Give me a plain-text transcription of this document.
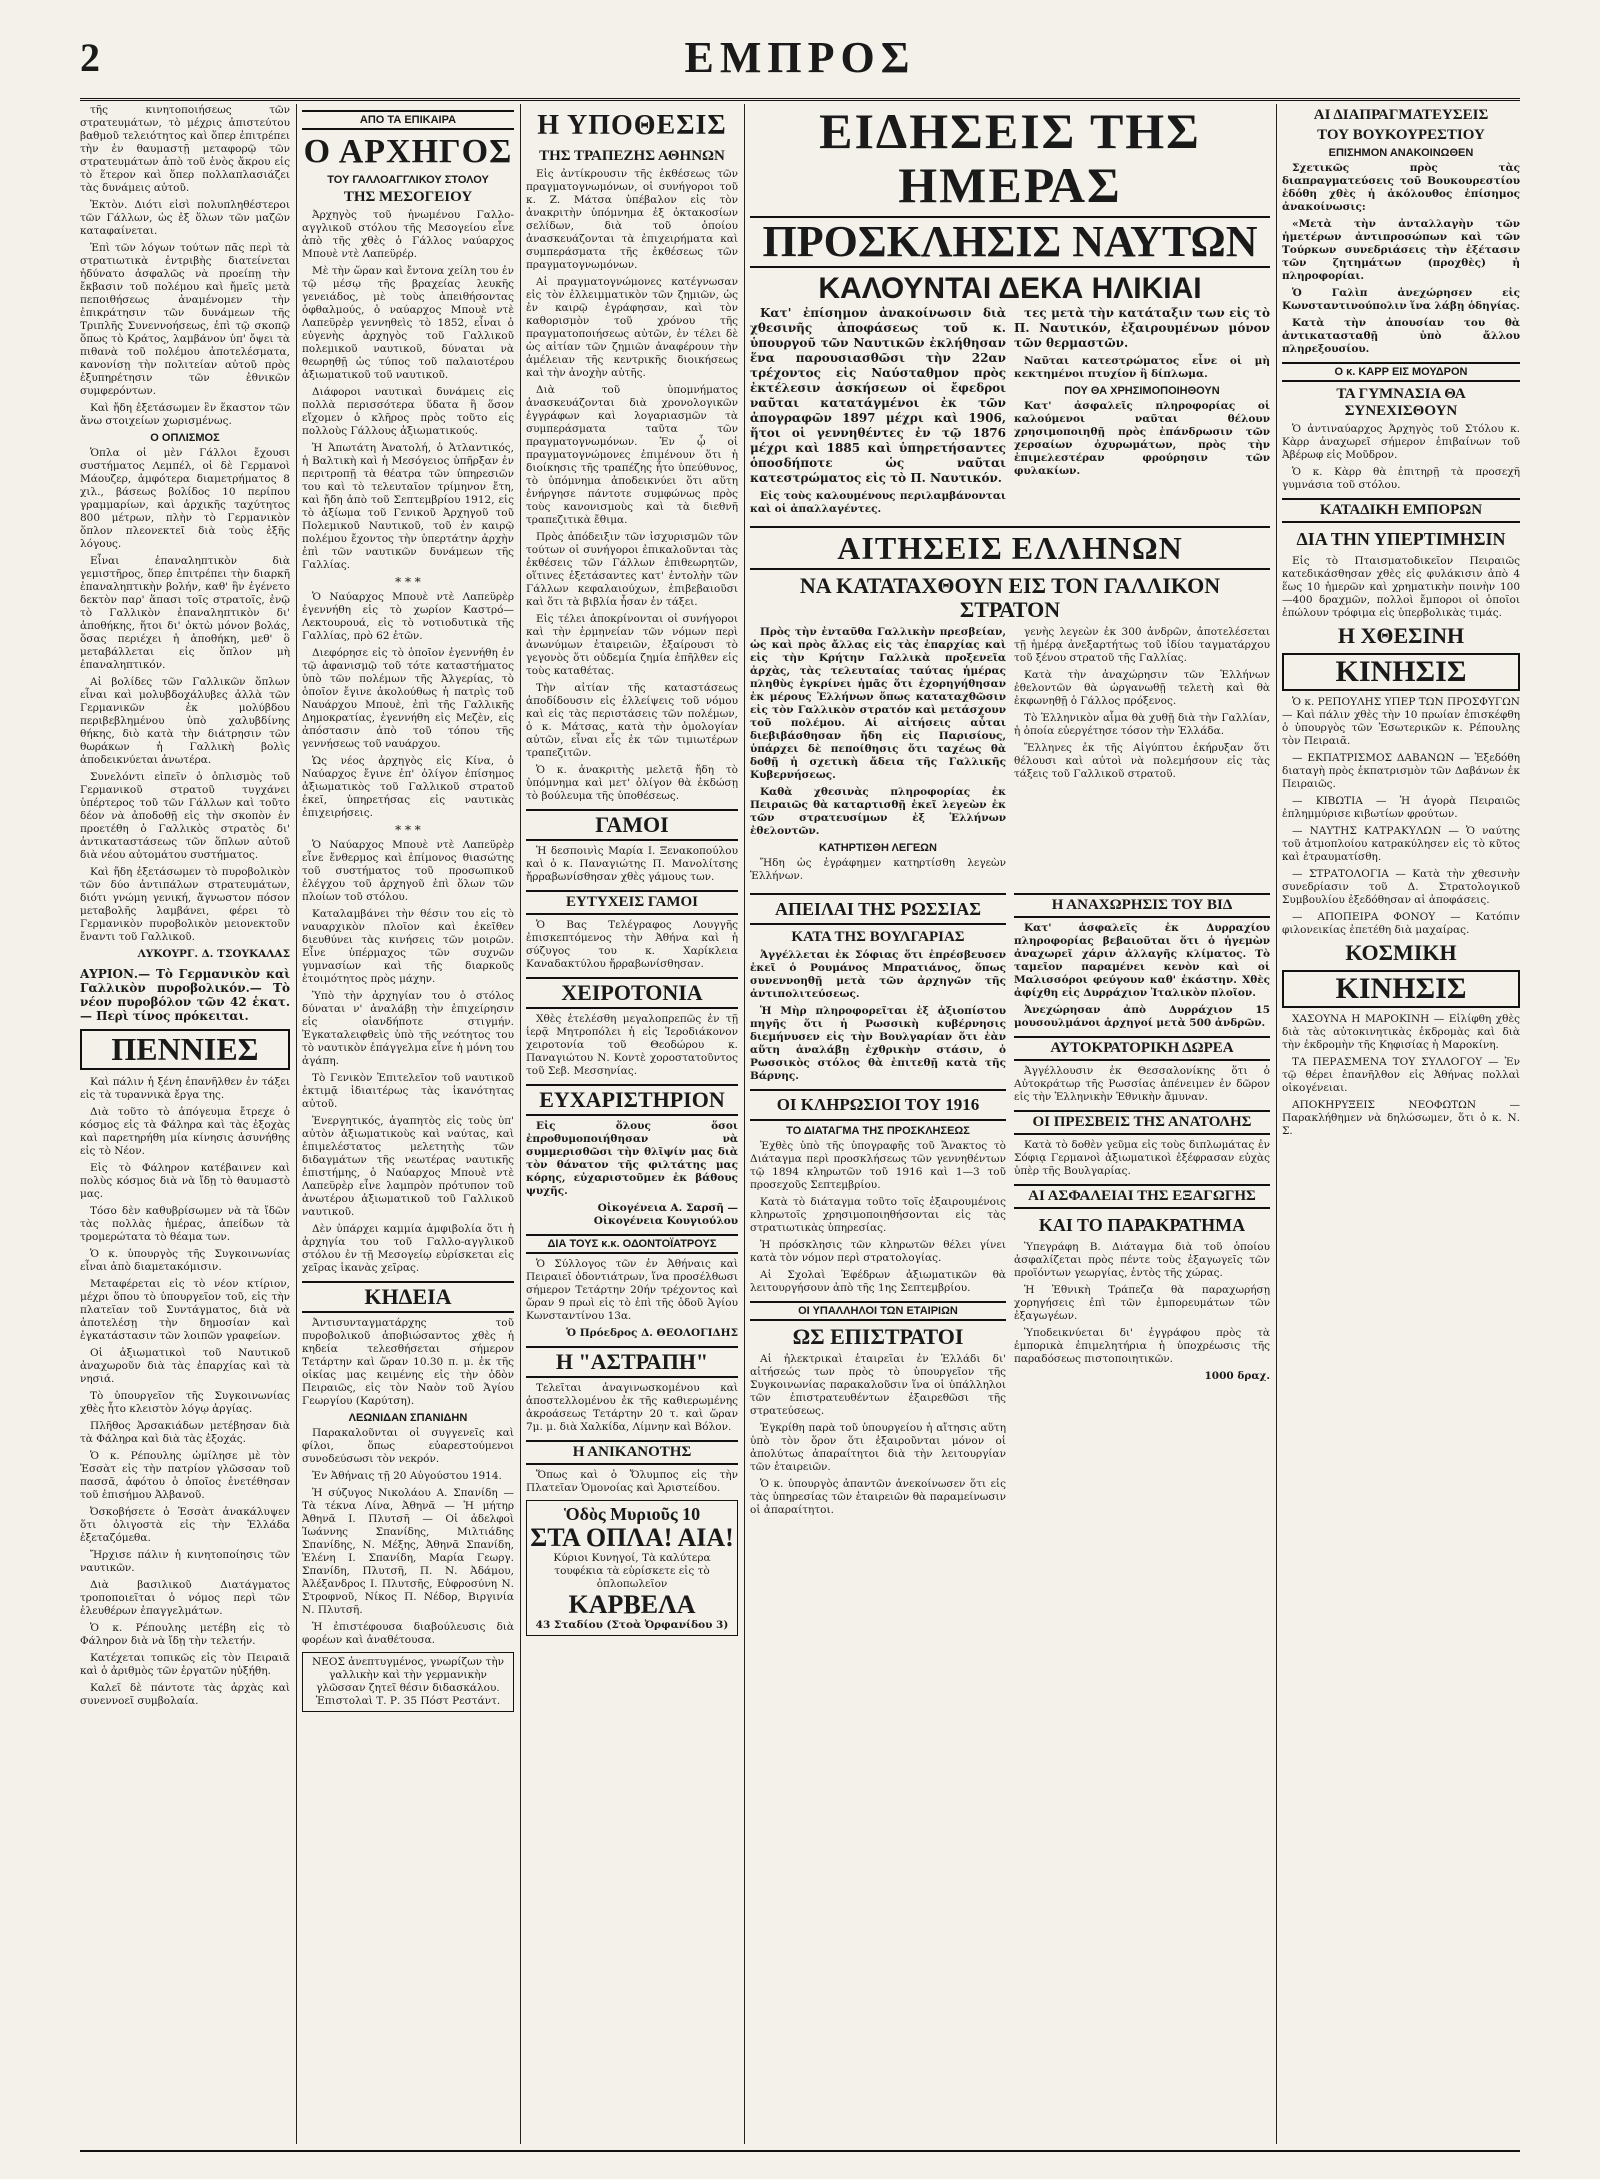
2	ΕΜΠΡΟΣ

τῆς κινητοποιήσεως τῶν στρατευμάτων, τὸ μέχρις ἀπιστεύτου βαθμοῦ τελειότητος καὶ ὅπερ ἐπιτρέπει τὴν ἐν θαυμαστῇ μεταφορῷ τῶν στρατευμάτων ἀπὸ τοῦ ἑνὸς ἄκρου εἰς τὸ ἕτερον καὶ ὅπερ πολλαπλασιάζει τὰς δυνάμεις αὐτοῦ.

Ἐκτὸν. Διότι εἰσὶ πολυπληθέστεροι τῶν Γάλλων, ὡς ἐξ ὅλων τῶν μαζῶν καταφαίνεται.

Ἐπὶ τῶν λόγων τούτων πᾶς περὶ τὰ στρατιωτικὰ ἐντριβὴς διατείνεται ἠδύνατο ἀσφαλῶς νὰ προείπῃ τὴν ἔκβασιν τοῦ πολέμου καὶ ἤμεῖς μετὰ πεποιθήσεως ἀναμένομεν τὴν ἐπικράτησιν τῶν δυνάμεων τῆς Τριπλῆς Συνεννοήσεως, ἐπὶ τῷ σκοπῷ ὅπως τὸ Κράτος, λαμβάνον ὑπ' ὄψει τὰ πιθανὰ τοῦ πολέμου ἀποτελέσματα, κανονίσῃ τὴν πολιτείαν αὐτοῦ πρὸς ἐξυπηρέτησιν τῶν ἐθνικῶν συμφερόντων.

Καὶ ἤδη ἐξετάσωμεν ἓν ἕκαστον τῶν ἄνω στοιχείων χωρισμένως.

Ο ΟΠΛΙΣΜΟΣ

Ὁπλα οἱ μὲν Γάλλοι ἔχουσι συστήματος Λεμπέλ, οἱ δὲ Γερμανοὶ Μάουζερ, ἀμφότερα διαμετρήματος 8 χιλ., βάσεως βολίδος 10 περίπου γραμμαρίων, καὶ ἀρχικῆς ταχύτητος 800 μέτρων, πλὴν τὸ Γερμανικὸν ὅπλον πλεονεκτεῖ διὰ τοὺς ἑξῆς λόγους.

Εἶναι ἐπαναληπτικὸν διὰ γεμιστῆρος, ὅπερ ἐπιτρέπει τὴν διαρκῆ ἐπαναληπτικὴν βολήν, καθ' ἣν ἐγένετο δεκτὸν παρ' ἅπασι τοῖς στρατοῖς, ἐνῷ τὸ Γαλλικὸν ἐπαναληπτικὸν δι' ἀποθήκης, ἥτοι δι' ὀκτὼ μόνον βολάς, ὅσας περιέχει ἡ ἀποθήκη, μεθ' ὃ μεταβάλλεται εἰς ὅπλον μὴ ἐπαναληπτικόν.

Αἱ βολίδες τῶν Γαλλικῶν ὅπλων εἶναι καὶ μολυβδοχάλυβες ἀλλὰ τῶν Γερμανικῶν ἐκ μολύβδου περιβεβλημένου ὑπὸ χαλυβδίνης θήκης, διὸ κατὰ τὴν διάτρησιν τῶν θωράκων ἡ Γαλλικὴ βολὶς ἀποδεικνύεται ἀνωτέρα.

Συνελόντι εἰπεῖν ὁ ὁπλισμὸς τοῦ Γερμανικοῦ στρατοῦ τυγχάνει ὑπέρτερος τοῦ τῶν Γάλλων καὶ τοῦτο δέον νὰ ἀποδοθῇ εἰς τὴν σκοπὸν ἐν προετέθη ὁ Γαλλικὸς στρατὸς δι' ἀντικαταστάσεως τῶν ὅπλων αὐτοῦ διὰ νέου αὐτομάτου συστήματος.

Καὶ ἤδη ἐξετάσωμεν τὸ πυροβολικὸν τῶν δύο ἀντιπάλων στρατευμάτων, διότι γνώμη γενική, ἄγνωστον πόσον μεταβολῆς λαμβάνει, φέρει τὸ Γερμανικὸν πυροβολικὸν μειονεκτοῦν ἔναντι τοῦ Γαλλικοῦ.

ΛΥΚΟΥΡΓ. Δ. ΤΣΟΥΚΑΛΑΣ
ΑΥΡΙΟΝ.— Τὸ Γερμανικὸν καὶ Γαλλικὸν πυροβολικόν.— Τὸ νέον πυροβόλον τῶν 42 ἑκατ.— Περὶ τίνος πρόκειται.
ΠΕΝΝΙΕΣ

Καὶ πάλιν ἡ ξένη ἐπανῆλθεν ἐν τάξει εἰς τὰ τυραννικὰ ἔργα της.

Διὰ τοῦτο τὸ ἀπόγευμα ἔτρεχε ὁ κόσμος εἰς τὰ Φάληρα καὶ τὰς ἐξοχὰς καὶ παρετηρήθη μία κίνησις ἀσυνήθης εἰς τὸ Νέον.

Εἰς τὸ Φάληρον κατέβαινεν καὶ πολὺς κόσμος διὰ νὰ ἴδῃ τὸ θαυμαστὸ μας.

Τόσο δὲν καθυβρίσωμεν νὰ τὰ ἴδῶν τὰς πολλὰς ἡμέρας, ἀπείδων τὰ τρομερώτατα τὸ θέαμα των.

Ὁ κ. ὑπουργὸς τῆς Συγκοινωνίας εἶναι ἀπὸ διαμετακόμισιν.

Μεταφέρεται εἰς τὸ νέον κτίριον, μέχρι ὅπου τὸ ὑπουργεῖον τοῦ, εἰς τὴν πλατεῖαν τοῦ Συντάγματος, διὰ νὰ ἀποτελέσῃ τὴν δημοσίαν καὶ ἐγκατάστασιν τῶν λοιπῶν γραφείων.

Οἱ ἀξιωματικοὶ τοῦ Ναυτικοῦ ἀναχωροῦν διὰ τὰς ἐπαρχίας καὶ τὰ νησιά.

Τὸ ὑπουργεῖον τῆς Συγκοινωνίας χθὲς ἦτο κλειστὸν λόγῳ ἀργίας.

Πλῆθος Ἀρσακιάδων μετέβησαν διὰ τὰ Φάληρα καὶ διὰ τὰς ἐξοχάς.

Ὁ κ. Ρέπουλης ὡμίλησε μὲ τὸν Ἐσσὰτ εἰς τὴν πατρίον γλῶσσαν τοῦ πασσᾶ, ἀφότου ὁ ὁποῖος ἐνετέθησαν τοῦ ἐπισήμου Ἀλβανοῦ.

Ὀσκοβήσετε ὁ Ἐσσὰτ ἀνακάλυψεν ὅτι ὀλιγοστὰ εἰς τὴν Ἑλλάδα ἐξεταζόμεθα.

Ἤρχισε πάλιν ἡ κινητοποίησις τῶν ναυτικῶν.

Διὰ βασιλικοῦ Διατάγματος τροποποιεῖται ὁ νόμος περὶ τῶν ἐλευθέρων ἐπαγγελμάτων.

Ὁ κ. Ρέπουλης μετέβη εἰς τὸ Φάληρον διὰ νὰ ἴδῃ τὴν τελετήν.

Κατέχεται τοπικῶς εἰς τὸν Πειραιᾶ καὶ ὁ ἀριθμὸς τῶν ἐργατῶν ηὐξήθη.

Καλεῖ δὲ πάντοτε τὰς ἀρχὰς καὶ συνεννοεῖ συμβολαία.

ΑΠΟ ΤΑ ΕΠΙΚΑΙΡΑ
Ο ΑΡΧΗΓΟΣ
ΤΟΥ ΓΑΛΛΟΑΓΓΛΙΚΟΥ ΣΤΟΛΟΥ
ΤΗΣ ΜΕΣΟΓΕΙΟΥ

Ἀρχηγὸς τοῦ ἡνωμένου Γαλλο-αγγλικοῦ στόλου τῆς Μεσογείου εἶνε ἀπὸ τῆς χθὲς ὁ Γάλλος ναύαρχος Μπουὲ ντὲ Λαπεϋρέρ.

Μὲ τὴν ὥραν καὶ ἔντονα χείλη του ἐν τῷ μέσῳ τῆς βραχείας λευκῆς γενειάδος, μὲ τοὺς ἀπειθήσοντας ὀφθαλμούς, ὁ ναύαρχος Μπουὲ ντὲ Λαπεϋρὲρ γεννηθεὶς τὸ 1852, εἶναι ὁ εὐγενὴς ἀρχηγὸς τοῦ Γαλλικοῦ πολεμικοῦ ναυτικοῦ, δύναται νὰ θεωρηθῇ ὡς τύπος τοῦ παλαιοτέρου ἀξιωματικοῦ τοῦ ναυτικοῦ.

Διάφοροι ναυτικαὶ δυνάμεις εἰς πολλὰ περισσότερα ὕδατα ἢ ὅσον εἴχομεν ὁ κλῆρος πρὸς τοῦτο εἰς πολλοὺς Γάλλους ἀξιωματικούς.

Ἡ Ἀπωτάτη Ἀνατολή, ὁ Ἀτλαντικός, ἡ Βαλτικὴ καὶ ἡ Μεσόγειος ὑπῆρξαν ἐν περιτροπῇ τὰ θέατρα τῶν ὑπηρεσιῶν του καὶ τὸ τελευταῖον τρίμηνον ἔτη, καὶ ἤδη ἀπὸ τοῦ Σεπτεμβρίου 1912, εἰς τὸ ἀξίωμα τοῦ Γενικοῦ Ἀρχηγοῦ τοῦ Πολεμικοῦ Ναυτικοῦ, τοῦ ἐν καιρῷ πολέμου ἔχοντος τὴν ὑπερτάτην ἀρχὴν ἐπὶ τῶν ναυτικῶν δυνάμεων τῆς Γαλλίας.

* * *

Ὁ Ναύαρχος Μπουὲ ντὲ Λαπεϋρὲρ ἐγεννήθη εἰς τὸ χωρίον Καστρό— Λεκτουρουά, εἰς τὸ νοτιοδυτικὰ τῆς Γαλλίας, πρὸ 62 ἐτῶν.

Διεφόρησε εἰς τὸ ὁποῖον ἐγεννήθη ἐν τῷ ἀφανισμῷ τοῦ τότε καταστήματος ὑπὸ τῶν πολέμων τῆς Ἀλγερίας, τὸ ὁποῖον ἔγινε ἀκολούθως ἡ πατρὶς τοῦ Ναυάρχου Μπουὲ, ἐπὶ τῆς Γαλλικῆς Δημοκρατίας, ἐγεννήθη εἰς Μεζὲν, εἰς ἀπόστασιν ἀπὸ τοῦ τόπου τῆς γεννήσεως τοῦ ναυάρχου.

Ὡς νέος ἀρχηγὸς εἰς Κίνα, ὁ Ναύαρχος ἔγινε ἐπ' ὀλίγον ἐπίσημος ἀξιωματικὸς τοῦ Γαλλικοῦ στρατοῦ ἐκεῖ, ὑπηρετήσας εἰς ναυτικὰς ἐπιχειρήσεις.

* * *

Ὁ Ναύαρχος Μπουὲ ντὲ Λαπεϋρὲρ εἶνε ἔνθερμος καὶ ἐπίμονος θιασώτης τοῦ συστήματος τοῦ προσωπικοῦ ἐλέγχου τοῦ ἀρχηγοῦ ἐπὶ ὅλων τῶν πλοίων τοῦ στόλου.

Καταλαμβάνει τὴν θέσιν του εἰς τὸ ναυαρχικὸν πλοῖον καὶ ἐκεῖθεν διευθύνει τὰς κινήσεις τῶν μοιρῶν. Εἶνε ὑπέρμαχος τῶν συχνῶν γυμνασίων καὶ τῆς διαρκοῦς ἑτοιμότητος πρὸς μάχην.

Ὑπὸ τὴν ἀρχηγίαν του ὁ στόλος δύναται ν' ἀναλάβῃ τὴν ἐπιχείρησιν εἰς οἱανδήποτε στιγμήν. Ἐγκαταλειφθεὶς ὑπὸ τῆς νεότητος του τὸ ναυτικὸν ἐπάγγελμα εἶνε ἡ μόνη του ἀγάπη.

Τὸ Γενικὸν Ἐπιτελεῖον τοῦ ναυτικοῦ ἐκτιμᾷ ἰδιαιτέρως τὰς ἱκανότητας αὐτοῦ.

Ἐνεργητικός, ἀγαπητὸς εἰς τοὺς ὑπ' αὐτὸν ἀξιωματικοὺς καὶ ναύτας, καὶ ἐπιμελέστατος μελετητὴς τῶν διδαγμάτων τῆς νεωτέρας ναυτικῆς ἐπιστήμης, ὁ Ναύαρχος Μπουὲ ντὲ Λαπεϋρὲρ εἶνε λαμπρὸν πρότυπον τοῦ ἀνωτέρου ἀξιωματικοῦ τοῦ Γαλλικοῦ ναυτικοῦ.

Δὲν ὑπάρχει καμμία ἀμφιβολία ὅτι ἡ ἀρχηγία του τοῦ Γαλλο-αγγλικοῦ στόλου ἐν τῇ Μεσογείῳ εὑρίσκεται εἰς χεῖρας ἱκανὰς χεῖρας.

ΚΗΔΕΙΑ

Ἀντισυνταγματάρχης τοῦ πυροβολικοῦ ἀποβιώσαντος χθὲς ἡ κηδεία τελεσθήσεται σήμερον Τετάρτην καὶ ὥραν 10.30 π. μ. ἐκ τῆς οἰκίας μας κειμένης εἰς τὴν ὁδὸν Πειραιῶς, εἰς τὸν Ναὸν τοῦ Ἁγίου Γεωργίου (Καρύτση).

ΛΕΩΝΙΔΑΝ ΣΠΑΝΙΔΗΝ

Παρακαλοῦνται οἱ συγγενεῖς καὶ φίλοι, ὅπως εὐαρεστούμενοι συνοδεύσωσι τὸν νεκρόν.

Ἐν Ἀθήναις τῇ 20 Αὐγούστου 1914.

Ἡ σύζυγος Νικολάου Α. Σπανίδη — Τὰ τέκνα Λίνα, Ἀθηνᾶ — Ἡ μήτηρ Ἀθηνᾶ Ι. Πλυτσῆ — Οἱ ἀδελφοὶ Ἰωάννης Σπανίδης, Μιλτιάδης Σπανίδης, Ν. Μέξης, Ἀθηνᾶ Σπανίδη, Ἑλένη Ι. Σπανίδη, Μαρία Γεωργ. Σπανίδη, Πλυτσῆ, Π. Ν. Ἀδάμου, Ἀλέξανδρος Ι. Πλυτσῆς, Εὐφροσύνη Ν. Στροφνοῦ, Νίκος Π. Νέδορ, Βιργινία Ν. Πλυτσῆ.

Ἡ ἐπιστέφουσα διαβούλευσις διὰ φορέων καὶ ἀναθέτουσα.

ΝΕΟΣ ἀνεπτυγμένος, γνωρίζων τὴν γαλλικὴν καὶ τὴν γερμανικὴν γλῶσσαν ζητεῖ θέσιν διδασκάλου. Ἐπιστολαὶ Τ. Ρ. 35 Πόστ Ρεστάντ.
Η ΥΠΟΘΕΣΙΣ
ΤΗΣ ΤΡΑΠΕΖΗΣ ΑΘΗΝΩΝ

Εἰς ἀντίκρουσιν τῆς ἐκθέσεως τῶν πραγματογνωμόνων, οἱ συνήγοροι τοῦ κ. Ζ. Μάτσα ὑπέβαλον εἰς τὸν ἀνακριτὴν ὑπόμνημα ἐξ ὀκτακοσίων σελίδων, διὰ τοῦ ὁποίου ἀνασκευάζονται τὰ ἐπιχειρήματα καὶ συμπεράσματα τῆς ἐκθέσεως τῶν πραγματογνωμόνων.

Αἱ πραγματογνώμονες κατέγνωσαν εἰς τὸν ἐλλειμματικὸν τῶν ζημιῶν, ὡς ἐν καιρῷ ἐγράφησαν, καὶ τὸν καθορισμὸν τοῦ χρόνου τῆς πραγματοποιήσεως αὐτῶν, ἐν τέλει δὲ ὡς αἰτίαν τῶν ζημιῶν ἀναφέρουν τὴν ἀμέλειαν τῆς κεντρικῆς διοικήσεως καὶ τὴν ἀνοχὴν αὐτῆς.

Διὰ τοῦ ὑπομνήματος ἀνασκευάζονται διὰ χρονολογικῶν ἐγγράφων καὶ λογαριασμῶν τὰ συμπεράσματα ταῦτα τῶν πραγματογνωμόνων. Ἐν ᾧ οἱ πραγματογνώμονες ἐπιμένουν ὅτι ἡ διοίκησις τῆς τραπέζης ἦτο ὑπεύθυνος, τὸ ὑπόμνημα ἀποδεικνύει ὅτι αὕτη ἐνήργησε πάντοτε συμφώνως πρὸς τοὺς κανονισμοὺς καὶ τὰ διεθνῆ τραπεζιτικὰ ἔθιμα.

Πρὸς ἀπόδειξιν τῶν ἰσχυρισμῶν τῶν τούτων οἱ συνήγοροι ἐπικαλοῦνται τὰς ἐκθέσεις τῶν Γάλλων ἐπιθεωρητῶν, οἵτινες ἐξετάσαντες κατ' ἐντολὴν τῶν Γάλλων κεφαλαιούχων, ἐπιβεβαιοῦσι καὶ ὅτι τὰ βιβλία ἦσαν ἐν τάξει.

Εἰς τέλει ἀποκρίνονται οἱ συνήγοροι καὶ τὴν ἑρμηνείαν τῶν νόμων περὶ ἀνωνύμων ἑταιρειῶν, ἐξαίρουσι τὸ γεγονὸς ὅτι οὐδεμία ζημία ἐπῆλθεν εἰς τοὺς καταθέτας.

Τὴν αἰτίαν τῆς καταστάσεως ἀποδίδουσιν εἰς ἐλλείψεις τοῦ νόμου καὶ εἰς τὰς περιστάσεις τῶν πολέμων, ὁ κ. Μάτσας, κατὰ τὴν ὁμολογίαν αὐτῶν, εἶναι εἷς ἐκ τῶν τιμιωτέρων τραπεζιτῶν.

Ὁ κ. ἀνακριτὴς μελετᾷ ἤδη τὸ ὑπόμνημα καὶ μετ' ὀλίγον θὰ ἐκδώσῃ τὸ βούλευμα τῆς ὑποθέσεως.

ΓΑΜΟΙ

Ἡ δεσποινὶς Μαρία Ι. Ξενακοπούλου καὶ ὁ κ. Παναγιώτης Π. Μανολίτσης ἤρραβωνίσθησαν χθὲς γάμους των.

ΕΥΤΥΧΕΙΣ ΓΑΜΟΙ

Ὁ Βας Τελέγραφος Λουγγῆς ἐπισκεπτόμενος τὴν Ἀθήνα καὶ ἡ σύζυγος του κ. Χαρίκλεια Καναδακτύλου ἤρραβωνίσθησαν.

ΧΕΙΡΟΤΟΝΙΑ

Χθὲς ἐτελέσθη μεγαλοπρεπῶς ἐν τῇ ἱερᾷ Μητροπόλει ἡ εἰς Ἱεροδιάκονον χειροτονία τοῦ Θεοδώρου κ. Παναγιώτου Ν. Κοντὲ χοροστατοῦντος τοῦ Σεβ. Μεσσηνίας.

ΕΥΧΑΡΙΣΤΗΡΙΟΝ

Εἰς ὅλους ὅσοι ἐπροθυμοποιήθησαν νὰ συμμερισθῶσι τὴν θλῖψίν μας διὰ τὸν θάνατον τῆς φιλτάτης μας κόρης, εὐχαριστοῦμεν ἐκ βάθους ψυχῆς.

Οἰκογένεια Α. Σαρσῆ — Οἰκογένεια Κουγιούλου
ΔΙΑ ΤΟΥΣ κ.κ. ΟΔΟΝΤΟΪΑΤΡΟΥΣ

Ὁ Σύλλογος τῶν ἐν Ἀθήναις καὶ Πειραιεῖ ὀδοντιάτρων, ἵνα προσέλθωσι σήμερον Τετάρτην 20ήν τρέχοντος καὶ ὥραν 9 πρωὶ εἰς τὸ ἐπὶ τῆς ὁδοῦ Ἁγίου Κωνσταντίνου 13α.

Ὁ Πρόεδρος Δ. ΘΕΟΛΟΓΙΔΗΣ
Η "ΑΣΤΡΑΠΗ"

Τελεῖται ἀναγινωσκομένου καὶ ἀποστελλομένου ἐκ τῆς καθιερωμένης ἀκροάσεως Τετάρτην 20 τ. καὶ ὥραν 7μ. μ. διὰ Χαλκίδα, Λίμνην καὶ Βόλον.

Η ΑΝΙΚΑΝΟΤΗΣ

Ὅπως καὶ ὁ Ὄλυμπος εἰς τὴν Πλατεῖαν Ὁμονοίας καὶ Ἀριστείδου.

Ὁδὸς Μυριοῦς 10
ΣΤΑ ΟΠΛΑ! ΑΙΑ!
Κύριοι Κυνηγοί, Τὰ καλύτερα τουφέκια τὰ εὑρίσκετε εἰς τὸ ὁπλοπωλεῖον
ΚΑΡΒΕΛΑ
43 Σταδίου (Στοὰ Ὀρφανίδου 3)
ΕΙΔΗΣΕΙΣ ΤΗΣ ΗΜΕΡΑΣ
ΠΡΟΣΚΛΗΣΙΣ ΝΑΥΤΩΝ
ΚΑΛΟΥΝΤΑΙ ΔΕΚΑ ΗΛΙΚΙΑΙ

Κατ' ἐπίσημον ἀνακοίνωσιν διὰ χθεσινῆς ἀποφάσεως τοῦ κ. ὑπουργοῦ τῶν Ναυτικῶν ἐκλήθησαν ἕνα παρουσιασθῶσι τὴν 22αν τρέχοντος εἰς Ναύσταθμον πρὸς ἐκτέλεσιν ἀσκήσεων οἱ ἔφεδροι ναῦται κατατάγμένοι ἐκ τῶν ἀπογραφῶν 1897 μέχρι καὶ 1906, ἥτοι οἱ γεννηθέντες ἐν τῷ 1876 μέχρι καὶ 1885 καὶ ὑπηρετήσαντες ὁποσδήποτε ὡς ναῦται κατεστρώματος εἰς τὸ Π. Ναυτικόν.

Εἰς τοὺς καλουμένους περιλαμβάνονται καὶ οἱ ἀπαλλαγέντες.

τες μετὰ τὴν κατάταξιν των εἰς τὸ Π. Ναυτικόν, ἐξαιρουμένων μόνον τῶν θερμαστῶν.

Ναῦται κατεστρώματος εἶνε οἱ μὴ κεκτημένοι πτυχίον ἢ δίπλωμα.

ΠΟΥ ΘΑ ΧΡΗΣΙΜΟΠΟΙΗΘΟΥΝ

Κατ' ἀσφαλεῖς πληροφορίας οἱ καλούμενοι ναῦται θέλουν χρησιμοποιηθῇ πρὸς ἐπάνδρωσιν τῶν χερσαίων ὀχυρωμάτων, πρὸς τὴν ἐπιμελεστέραν φρούρησιν τῶν φυλακίων.

ΑΙΤΗΣΕΙΣ ΕΛΛΗΝΩΝ
ΝΑ ΚΑΤΑΤΑΧΘΟΥΝ ΕΙΣ ΤΟΝ ΓΑΛΛΙΚΟΝ ΣΤΡΑΤΟΝ

Πρὸς τὴν ἐνταῦθα Γαλλικὴν πρεσβείαν, ὡς καὶ πρὸς ἄλλας εἰς τὰς ἐπαρχίας καὶ εἰς τὴν Κρήτην Γαλλικὰ προξενεῖα ἀρχὰς, τὰς τελευταίας ταύτας ἡμέρας πληθὺς ἐγκρίνει ἡμᾶς ὅτι ἐχορηγήθησαν ἐκ μέρους Ἑλλήνων ὅπως καταταχθῶσιν εἰς τὸν Γαλλικὸν στρατόν καὶ μετάσχουν τοῦ πολέμου. Αἱ αἰτήσεις αὗται διεβιβάσθησαν ἤδη εἰς Παρισίους, ὑπάρχει δὲ πεποίθησις ὅτι ταχέως θὰ δοθῇ ἡ σχετικὴ ἄδεια τῆς Γαλλικῆς Κυβερνήσεως.

Καθὰ χθεσινὰς πληροφορίας ἐκ Πειραιῶς θὰ καταρτισθῇ ἐκεῖ λεγεὼν ἐκ τῶν στρατευσίμων ἐξ Ἑλλήνων ἐθελοντῶν.

ΚΑΤΗΡΤΙΣΘΗ ΛΕΓΕΩΝ

Ἤδη ὡς ἐγράφημεν κατηρτίσθη λεγεὼν Ἑλλήνων.

γενὴς λεγεὼν ἐκ 300 ἀνδρῶν, ἀποτελέσεται τῇ ἡμέρᾳ ἀνεξαρτήτως τοῦ ἰδίου ταγματάρχου τοῦ ξένου στρατοῦ τῆς Γαλλίας.

Κατὰ τὴν ἀναχώρησιν τῶν Ἑλλήνων ἐθελοντῶν θὰ ὠργανωθῇ τελετὴ καὶ θὰ ἐκφωνηθῇ ὁ Γάλλος πρόξενος.

Τὸ Ἑλληνικὸν αἷμα θὰ χυθῇ διὰ τὴν Γαλλίαν, ἡ ὁποία εὐεργέτησε τόσον τὴν Ἑλλάδα.

Ἔλληνες ἐκ τῆς Αἰγύπτου ἐκήρυξαν ὅτι θέλουσι καὶ αὐτοὶ νὰ πολεμήσουν εἰς τὰς τάξεις τοῦ Γαλλικοῦ στρατοῦ.

ΑΠΕΙΛΑΙ ΤΗΣ ΡΩΣΣΙΑΣ
ΚΑΤΑ ΤΗΣ ΒΟΥΛΓΑΡΙΑΣ

Ἀγγέλλεται ἐκ Σόφιας ὅτι ἐπρέσβευσεν ἐκεῖ ὁ Ρουμάνος Μπρατιάνος, ὅπως συνεννοηθῇ μετὰ τῶν ἀρχηγῶν τῆς ἀντιπολιτεύσεως.

Ἡ Μὴρ πληροφορεῖται ἐξ ἀξιοπίστου πηγῆς ὅτι ἡ Ρωσσικὴ κυβέρνησις διεμήνυσεν εἰς τὴν Βουλγαρίαν ὅτι ἐὰν αὕτη ἀναλάβῃ ἐχθρικὴν στάσιν, ὁ Ρωσσικὸς στόλος θὰ ἐπιτεθῇ κατὰ τῆς Βάρνης.

ΟΙ ΚΛΗΡΩΣΙΟΙ ΤΟΥ 1916
ΤΟ ΔΙΑΤΑΓΜΑ ΤΗΣ ΠΡΟΣΚΛΗΣΕΩΣ

Ἐχθὲς ὑπὸ τῆς ὑπογραφῆς τοῦ Ἄνακτος τὸ Διάταγμα περὶ προσκλήσεως τῶν γεννηθέντων τῷ 1894 κληρωτῶν τοῦ 1916 καὶ 1—3 τοῦ προσεχοῦς Σεπτεμβρίου.

Κατὰ τὸ διάταγμα τοῦτο τοῖς ἐξαιρουμένοις κληρωτοῖς χρησιμοποιηθήσονται εἰς τὰς στρατιωτικὰς ὑπηρεσίας.

Ἡ πρόσκλησις τῶν κληρωτῶν θέλει γίνει κατὰ τὸν νόμον περὶ στρατολογίας.

Αἱ Σχολαὶ Ἐφέδρων ἀξιωματικῶν θὰ λειτουργήσουν ἀπὸ τῆς 1ης Σεπτεμβρίου.

ΟΙ ΥΠΑΛΛΗΛΟΙ ΤΩΝ ΕΤΑΙΡΙΩΝ
ΩΣ ΕΠΙΣΤΡΑΤΟΙ

Αἱ ἠλεκτρικαὶ ἑταιρεῖαι ἐν Ἑλλάδι δι' αἰτήσεώς των πρὸς τὸ ὑπουργεῖον τῆς Συγκοινωνίας παρακαλοῦσιν ἵνα οἱ ὑπάλληλοι τῶν ἐπιστρατευθέντων ἐξαιρεθῶσι τῆς στρατεύσεως.

Ἐγκρίθη παρὰ τοῦ ὑπουργείου ἡ αἴτησις αὕτη ὑπὸ τὸν ὅρον ὅτι ἐξαιροῦνται μόνον οἱ ἀπολύτως ἀπαραίτητοι διὰ τὴν λειτουργίαν τῶν ἑταιρειῶν.

Ὁ κ. ὑπουργὸς ἀπαντῶν ἀνεκοίνωσεν ὅτι εἰς τὰς ὑπηρεσίας τῶν ἑταιρειῶν θὰ παραμείνωσιν οἱ ἀπαραίτητοι.

Η ΑΝΑΧΩΡΗΣΙΣ ΤΟΥ ΒΙΔ

Κατ' ἀσφαλεῖς ἐκ Δυρραχίου πληροφορίας βεβαιοῦται ὅτι ὁ ἡγεμὼν ἀναχωρεῖ χάριν ἀλλαγῆς κλίματος. Τὸ ταμεῖον παραμένει κενὸν καὶ οἱ Μαλισσόροι φεύγουν καθ' ἑκάστην. Χθὲς ἀφίχθη εἰς Δυρράχιον Ἰταλικὸν πλοῖον.

Ἀνεχώρησαν ἀπὸ Δυρράχιον 15 μουσουλμάνοι ἀρχηγοί μετὰ 500 ἀνδρῶν.

ΑΥΤΟΚΡΑΤΟΡΙΚΗ ΔΩΡΕΑ

Ἀγγέλλουσιν ἐκ Θεσσαλονίκης ὅτι ὁ Αὐτοκράτωρ τῆς Ρωσσίας ἀπένειμεν ἐν δῶρον εἰς τὴν Ἑλληνικὴν Ἐθνικὴν ἄμυναν.

ΟΙ ΠΡΕΣΒΕΙΣ ΤΗΣ ΑΝΑΤΟΛΗΣ

Κατὰ τὸ δοθὲν γεῦμα εἰς τοὺς διπλωμάτας ἐν Σόφιᾳ Γερμανοὶ ἀξιωματικοὶ ἐξέφρασαν εὐχὰς ὑπὲρ τῆς Βουλγαρίας.

ΑΙ ΑΣΦΑΛΕΙΑΙ ΤΗΣ ΕΞΑΓΩΓΗΣ
ΚΑΙ ΤΟ ΠΑΡΑΚΡΑΤΗΜΑ

Ὑπεγράφη Β. Διάταγμα διὰ τοῦ ὁποίου ἀσφαλίζεται πρὸς πέντε τοὺς ἐξαγωγεῖς τῶν προϊόντων γεωργίας, ἐντὸς τῆς χώρας.

Ἡ Ἐθνικὴ Τράπεζα θὰ παραχωρήσῃ χορηγήσεις ἐπὶ τῶν ἐμπορευμάτων τῶν ἐξαγωγέων.

Ὑποδεικνύεται δι' ἐγγράφου πρὸς τὰ ἐμπορικὰ ἐπιμελητήρια ἡ ὑποχρέωσις τῆς παραδόσεως πιστοποιητικῶν.

1000 δραχ.
ΑΙ ΔΙΑΠΡΑΓΜΑΤΕΥΣΕΙΣ
ΤΟΥ ΒΟΥΚΟΥΡΕΣΤΙΟΥ
ΕΠΙΣΗΜΟΝ ΑΝΑΚΟΙΝΩΘΕΝ

Σχετικῶς πρὸς τὰς διαπραγματεύσεις τοῦ Βουκουρεστίου ἐδόθη χθὲς ἡ ἀκόλουθος ἐπίσημος ἀνακοίνωσις:

«Μετὰ τὴν ἀνταλλαγὴν τῶν ἡμετέρων ἀντιπροσώπων καὶ τῶν Τούρκων συνεδριάσεις τὴν ἐξέτασιν τῶν ζητημάτων (προχθὲς) ἡ πληροφορίαι.

Ὁ Γαλὶπ ἀνεχώρησεν εἰς Κωνσταντινούπολιν ἵνα λάβῃ ὁδηγίας.

Κατὰ τὴν ἀπουσίαν του θὰ ἀντικατασταθῇ ὑπὸ ἄλλου πληρεξουσίου.

Ο κ. ΚΑΡΡ ΕΙΣ ΜΟΥΔΡΟΝ
ΤΑ ΓΥΜΝΑΣΙΑ ΘΑ ΣΥΝΕΧΙΣΘΟΥΝ

Ὁ ἀντιναύαρχος Ἀρχηγὸς τοῦ Στόλου κ. Κὰρρ ἀναχωρεῖ σήμερον ἐπιβαίνων τοῦ Ἀβέρωφ εἰς Μοῦδρον.

Ὁ κ. Κὰρρ θὰ ἐπιτηρῇ τὰ προσεχῆ γυμνάσια τοῦ στόλου.

ΚΑΤΑΔΙΚΗ ΕΜΠΟΡΩΝ
ΔΙΑ ΤΗΝ ΥΠΕΡΤΙΜΗΣΙΝ

Εἰς τὸ Πταισματοδικεῖον Πειραιῶς κατεδικάσθησαν χθὲς εἰς φυλάκισιν ἀπὸ 4 ἕως 10 ἡμερῶν καὶ χρηματικὴν ποινὴν 100—400 δραχμῶν, πολλοὶ ἔμποροι οἱ ὁποῖοι ἐπώλουν τρόφιμα εἰς ὑπερβολικὰς τιμάς.

Η ΧΘΕΣΙΝΗ
ΚΙΝΗΣΙΣ

Ὁ κ. ΡΕΠΟΥΛΗΣ ΥΠΕΡ ΤΩΝ ΠΡΟΣΦΥΓΩΝ — Καὶ πάλιν χθὲς τὴν 10 πρωίαν ἐπισκέφθη ὁ ὑπουργὸς τῶν Ἐσωτερικῶν κ. Ρέπουλης τὸν Πειραιᾶ.

— ΕΚΠΑΤΡΙΣΜΟΣ ΔΑΒΑΝΩΝ — Ἐξεδόθη διαταγὴ πρὸς ἐκπατρισμὸν τῶν Δαβάνων ἐκ Πειραιῶς.

— ΚΙΒΩΤΙΑ — Ἡ ἀγορὰ Πειραιῶς ἐπλημμύρισε κιβωτίων φρούτων.

— ΝΑΥΤΗΣ ΚΑΤΡΑΚΥΛΩΝ — Ὁ ναύτης τοῦ ἀτμοπλοίου κατρακύλησεν εἰς τὸ κῦτος καὶ ἐτραυματίσθη.

— ΣΤΡΑΤΟΛΟΓΙΑ — Κατὰ τὴν χθεσινὴν συνεδρίασιν τοῦ Δ. Στρατολογικοῦ Συμβουλίου ἐξεδόθησαν αἱ ἀποφάσεις.

— ΑΠΟΠΕΙΡΑ ΦΟΝΟΥ — Κατόπιν φιλονεικίας ἐπετέθη διὰ μαχαίρας.

ΚΟΣΜΙΚΗ
ΚΙΝΗΣΙΣ

ΧΑΣΟΥΝΑ Η ΜΑΡΟΚΙΝΗ — Εἰλίφθη χθὲς διὰ τὰς αὐτοκινητικὰς ἐκδρομὰς καὶ διὰ τὴν ἐκδρομὴν τῆς Κηφισίας ἡ Μαροκίνη.

ΤΑ ΠΕΡΑΣΜΕΝΑ ΤΟΥ ΣΥΛΛΟΓΟΥ — Ἐν τῷ θέρει ἐπανῆλθον εἰς Ἀθήνας πολλαὶ οἰκογένειαι.

ΑΠΟΚΗΡΥΞΕΙΣ ΝΕΟΦΩΤΩΝ — Παρακλήθημεν νὰ δηλώσωμεν, ὅτι ὁ κ. Ν. Σ.
